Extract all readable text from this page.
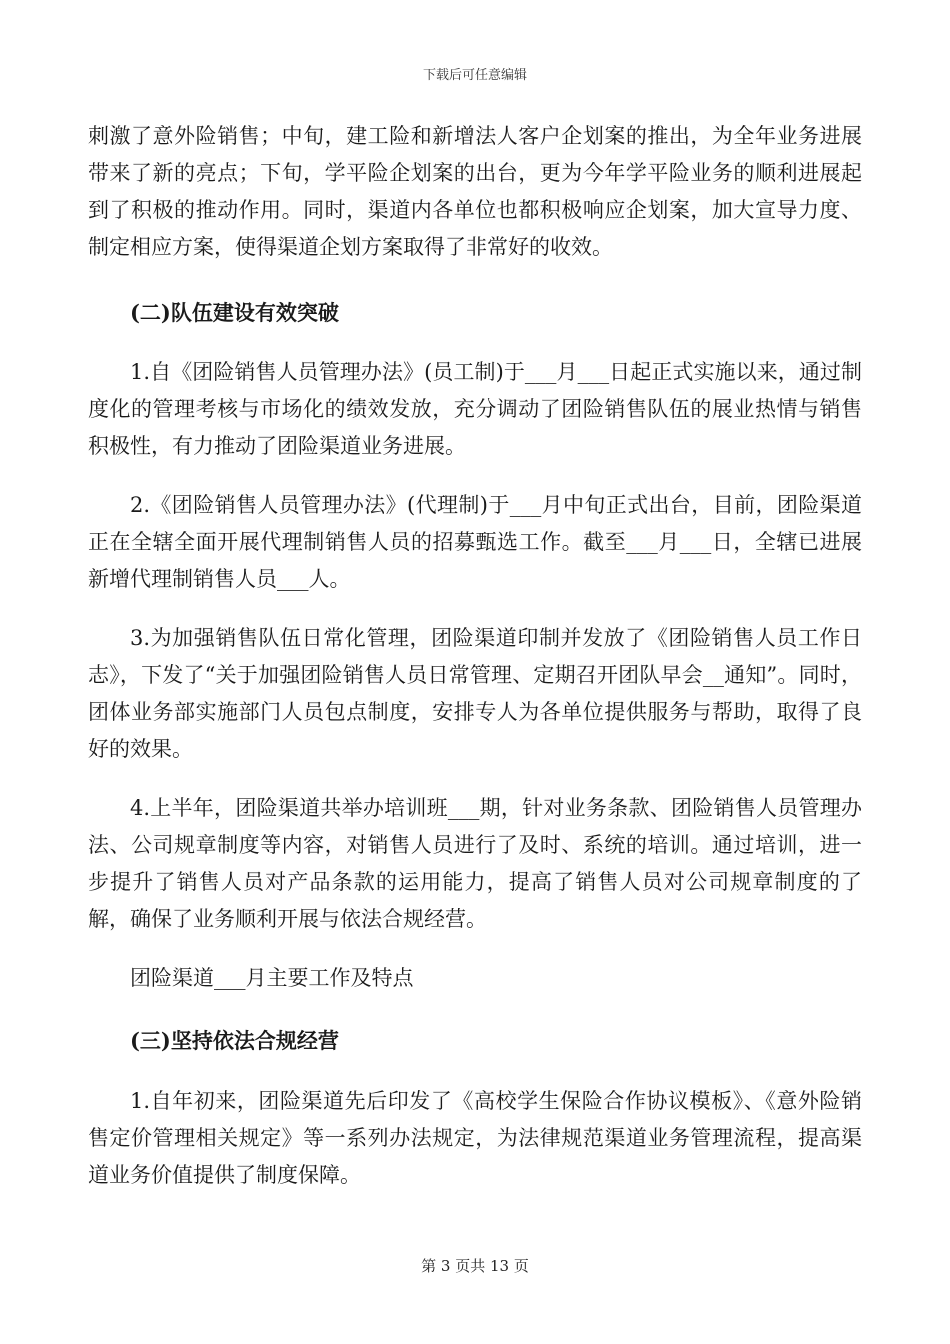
下载后可任意编辑

刺激了意外险销售；中旬，建工险和新增法人客户企划案的推出，为全年业务进展带来了新的亮点；下旬，学平险企划案的出台，更为今年学平险业务的顺利进展起到了积极的推动作用。同时，渠道内各单位也都积极响应企划案，加大宣导力度、制定相应方案，使得渠道企划方案取得了非常好的收效。

(二)队伍建设有效突破

1.自《团险销售人员管理办法》(员工制)于___月___日起正式实施以来，通过制度化的管理考核与市场化的绩效发放，充分调动了团险销售队伍的展业热情与销售积极性，有力推动了团险渠道业务进展。

2.《团险销售人员管理办法》(代理制)于___月中旬正式出台，目前，团险渠道正在全辖全面开展代理制销售人员的招募甄选工作。截至___月___日，全辖已进展新增代理制销售人员___人。

3.为加强销售队伍日常化管理，团险渠道印制并发放了《团险销售人员工作日志》，下发了“关于加强团险销售人员日常管理、定期召开团队早会__通知”。同时，团体业务部实施部门人员包点制度，安排专人为各单位提供服务与帮助，取得了良好的效果。

4.上半年，团险渠道共举办培训班___期，针对业务条款、团险销售人员管理办法、公司规章制度等内容，对销售人员进行了及时、系统的培训。通过培训，进一步提升了销售人员对产品条款的运用能力，提高了销售人员对公司规章制度的了解，确保了业务顺利开展与依法合规经营。

团险渠道___月主要工作及特点

(三)坚持依法合规经营

1.自年初来，团险渠道先后印发了《高校学生保险合作协议模板》、《意外险销售定价管理相关规定》等一系列办法规定，为法律规范渠道业务管理流程，提高渠道业务价值提供了制度保障。

第 3 页共 13 页
